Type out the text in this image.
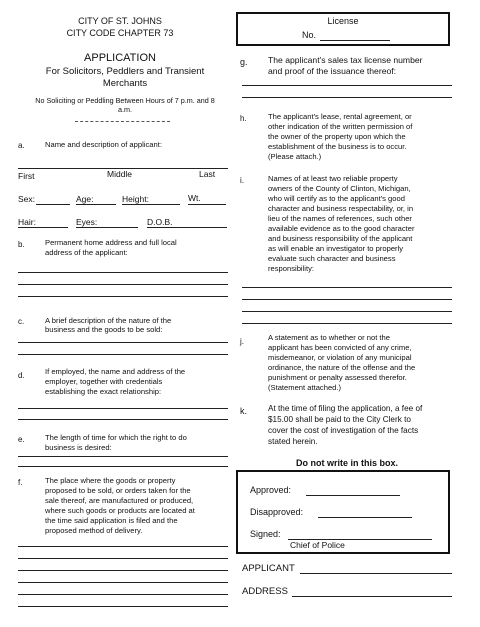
CITY OF ST. JOHNS
CITY CODE CHAPTER 73
APPLICATION
For Solicitors, Peddlers and Transient
Merchants
No Soliciting or Peddling Between Hours of 7 p.m. and 8
a.m.
License
No.
a.	Name and description of applicant:
First	Middle	Last
Sex:	Age:	Height:	Wt.
Hair:	Eyes:	D.O.B.
b.	Permanent home address and full local
address of the applicant:
c.	A brief description of the nature of the
business and the goods to be sold:
d.	If employed, the name and address of the
employer, together with credentials
establishing the exact relationship:
e.	The length of time for which the right to do
business is desired:
f.	The place where the goods or property
proposed to be sold, or orders taken for the
sale thereof, are manufactured or produced,
where such goods or products are located at
the time said application is filed and the
proposed method of delivery.
g. The applicant's sales tax license number
and proof of the issuance thereof:
h.	The applicant's lease, rental agreement, or
other indication of the written permission of
the owner of the property upon which the
establishment of the business is to occur.
(Please attach.)
i.	Names of at least two reliable property
owners of the County of Clinton, Michigan,
who will certify as to the applicant's good
character and business respectability, or, in
lieu of the names of references, such other
available evidence as to the good character
and business responsibility of the applicant
as will enable an investigator to properly
evaluate such character and business
responsibility:
j.	A statement as to whether or not the
applicant has been convicted of any crime,
misdemeanor, or violation of any municipal
ordinance, the nature of the offense and the
punishment or penalty assessed therefor.
(Statement attached.)
k.	At the time of filing the application, a fee of
$15.00 shall be paid to the City Clerk to
cover the cost of investigation of the facts
stated herein.
Do not write in this box.
Approved:
Disapproved:
Signed:
Chief of Police
APPLICANT
ADDRESS
